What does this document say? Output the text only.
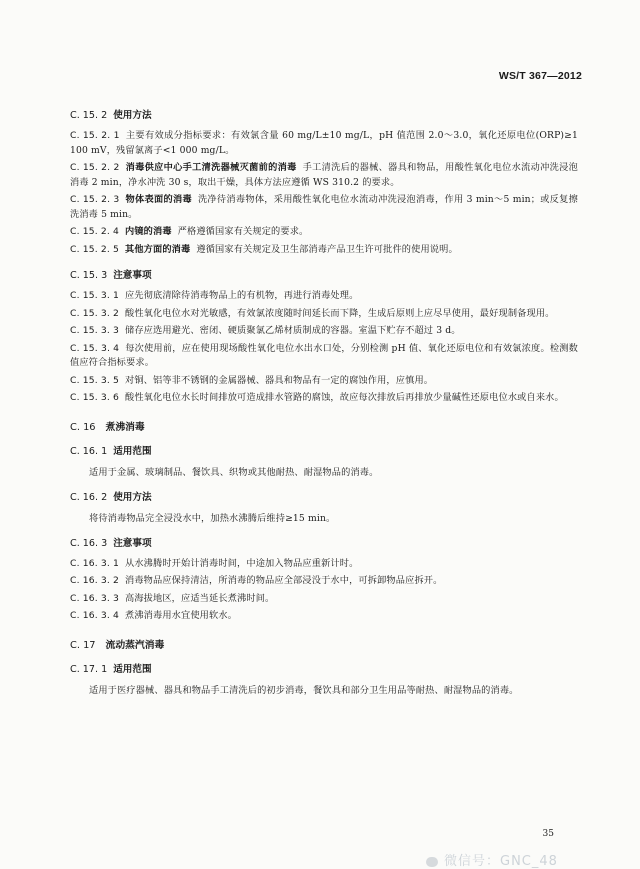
WS/T 367—2012
C. 15. 2 使用方法
C. 15. 2. 1 主要有效成分指标要求：有效氯含量 60 mg/L±10 mg/L，pH 值范围 2.0～3.0，氧化还原电位(ORP)≥1 100 mV，残留氯离子<1 000 mg/L。
C. 15. 2. 2 消毒供应中心手工清洗器械灭菌前的消毒 手工清洗后的器械、器具和物品，用酸性氧化电位水流动冲洗浸泡消毒 2 min，净水冲洗 30 s，取出干燥，具体方法应遵循 WS 310.2 的要求。
C. 15. 2. 3 物体表面的消毒 洗净待消毒物体，采用酸性氧化电位水流动冲洗浸泡消毒，作用 3 min～5 min；或反复擦洗消毒 5 min。
C. 15. 2. 4 内镜的消毒 严格遵循国家有关规定的要求。
C. 15. 2. 5 其他方面的消毒 遵循国家有关规定及卫生部消毒产品卫生许可批件的使用说明。
C. 15. 3 注意事项
C. 15. 3. 1 应先彻底清除待消毒物品上的有机物，再进行消毒处理。
C. 15. 3. 2 酸性氧化电位水对光敏感，有效氯浓度随时间延长而下降，生成后原则上应尽早使用，最好现制备现用。
C. 15. 3. 3 储存应选用避光、密闭、硬质聚氯乙烯材质制成的容器。室温下贮存不超过 3 d。
C. 15. 3. 4 每次使用前，应在使用现场酸性氧化电位水出水口处，分别检测 pH 值、氧化还原电位和有效氯浓度。检测数值应符合指标要求。
C. 15. 3. 5 对铜、铝等非不锈钢的金属器械、器具和物品有一定的腐蚀作用，应慎用。
C. 15. 3. 6 酸性氧化电位水长时间排放可造成排水管路的腐蚀，故应每次排放后再排放少量碱性还原电位水或自来水。
C. 16 煮沸消毒
C. 16. 1 适用范围

适用于金属、玻璃制品、餐饮具、织物或其他耐热、耐湿物品的消毒。

C. 16. 2 使用方法

将待消毒物品完全浸没水中，加热水沸腾后维持≥15 min。

C. 16. 3 注意事项
C. 16. 3. 1 从水沸腾时开始计消毒时间，中途加入物品应重新计时。
C. 16. 3. 2 消毒物品应保持清洁，所消毒的物品应全部浸没于水中，可拆卸物品应拆开。
C. 16. 3. 3 高海拔地区，应适当延长煮沸时间。
C. 16. 3. 4 煮沸消毒用水宜使用软水。
C. 17 流动蒸汽消毒
C. 17. 1 适用范围

适用于医疗器械、器具和物品手工清洗后的初步消毒，餐饮具和部分卫生用品等耐热、耐湿物品的消毒。

35
微信号：GNC_48
